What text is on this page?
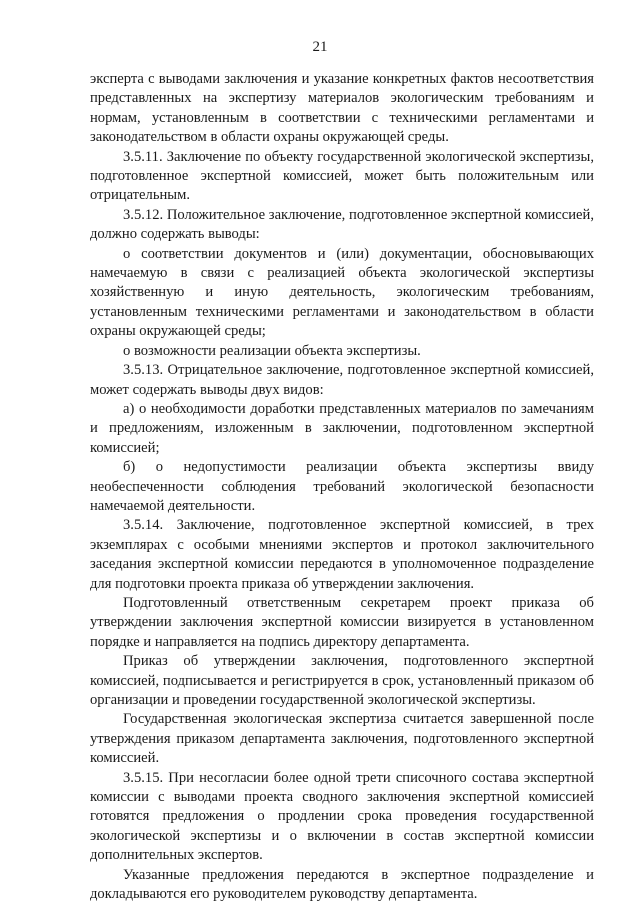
21

эксперта с выводами заключения и указание конкретных фактов несоответствия представленных на экспертизу материалов экологическим требованиям и нормам, установленным в соответствии с техническими регламентами и законодательством в области охраны окружающей среды.

3.5.11. Заключение по объекту государственной экологической экспертизы, подготовленное экспертной комиссией, может быть положительным или отрицательным.

3.5.12. Положительное заключение, подготовленное экспертной комиссией, должно содержать выводы:

о соответствии документов и (или) документации, обосновывающих намечаемую в связи с реализацией объекта экологической экспертизы хозяйственную и иную деятельность, экологическим требованиям, установленным техническими регламентами и законодательством в области охраны окружающей среды;

о возможности реализации объекта экспертизы.

3.5.13. Отрицательное заключение, подготовленное экспертной комиссией, может содержать выводы двух видов:

а) о необходимости доработки представленных материалов по замечаниям и предложениям, изложенным в заключении, подготовленном экспертной комиссией;

б) о недопустимости реализации объекта экспертизы ввиду необеспеченности соблюдения требований экологической безопасности намечаемой деятельности.

3.5.14. Заключение, подготовленное экспертной комиссией, в трех экземплярах с особыми мнениями экспертов и протокол заключительного заседания экспертной комиссии передаются в уполномоченное подразделение для подготовки проекта приказа об утверждении заключения.

Подготовленный ответственным секретарем проект приказа об утверждении заключения экспертной комиссии визируется в установленном порядке и направляется на подпись директору департамента.

Приказ об утверждении заключения, подготовленного экспертной комиссией, подписывается и регистрируется в срок, установленный приказом об организации и проведении государственной экологической экспертизы.

Государственная экологическая экспертиза считается завершенной после утверждения приказом департамента заключения, подготовленного экспертной комиссией.

3.5.15. При несогласии более одной трети списочного состава экспертной комиссии с выводами проекта сводного заключения экспертной комиссией готовятся предложения о продлении срока проведения государственной экологической экспертизы и о включении в состав экспертной комиссии дополнительных экспертов.

Указанные предложения передаются в экспертное подразделение и докладываются его руководителем руководству департамента.
